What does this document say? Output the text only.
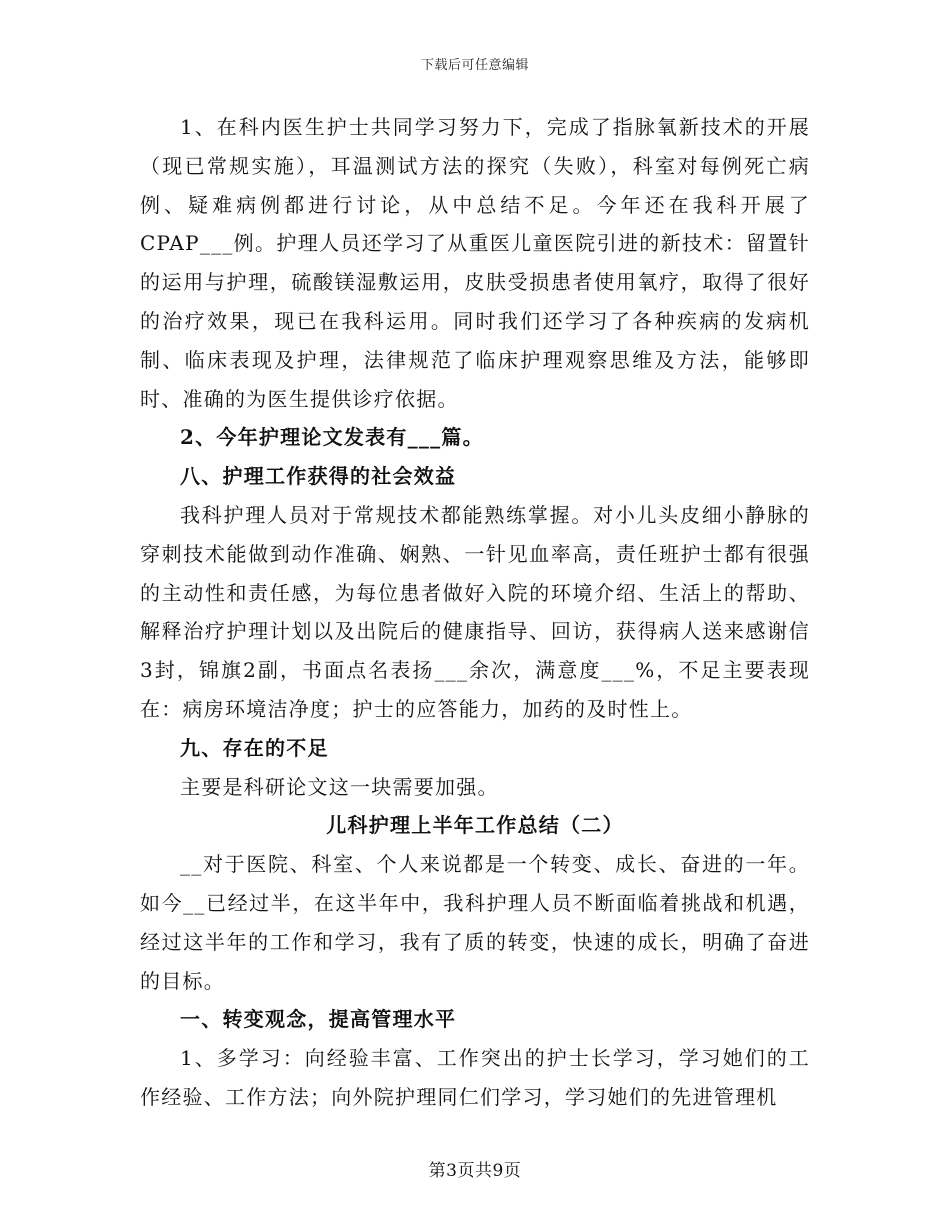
下载后可任意编辑

1、在科内医生护士共同学习努力下，完成了指脉氧新技术的开展（现已常规实施），耳温测试方法的探究（失败），科室对每例死亡病例、疑难病例都进行讨论，从中总结不足。今年还在我科开展了CPAP___例。护理人员还学习了从重医儿童医院引进的新技术：留置针的运用与护理，硫酸镁湿敷运用，皮肤受损患者使用氧疗，取得了很好的治疗效果，现已在我科运用。同时我们还学习了各种疾病的发病机制、临床表现及护理，法律规范了临床护理观察思维及方法，能够即时、准确的为医生提供诊疗依据。

2、今年护理论文发表有___篇。

八、护理工作获得的社会效益

我科护理人员对于常规技术都能熟练掌握。对小儿头皮细小静脉的穿刺技术能做到动作准确、娴熟、一针见血率高，责任班护士都有很强的主动性和责任感，为每位患者做好入院的环境介绍、生活上的帮助、解释治疗护理计划以及出院后的健康指导、回访，获得病人送来感谢信3封，锦旗2副，书面点名表扬___余次，满意度___%，不足主要表现在：病房环境洁净度；护士的应答能力，加药的及时性上。

九、存在的不足

主要是科研论文这一块需要加强。

儿科护理上半年工作总结（二）

__对于医院、科室、个人来说都是一个转变、成长、奋进的一年。如今__已经过半，在这半年中，我科护理人员不断面临着挑战和机遇，经过这半年的工作和学习，我有了质的转变，快速的成长，明确了奋进的目标。

一、转变观念，提高管理水平

1、多学习：向经验丰富、工作突出的护士长学习，学习她们的工作经验、工作方法；向外院护理同仁们学习，学习她们的先进管理机

第3页共9页
